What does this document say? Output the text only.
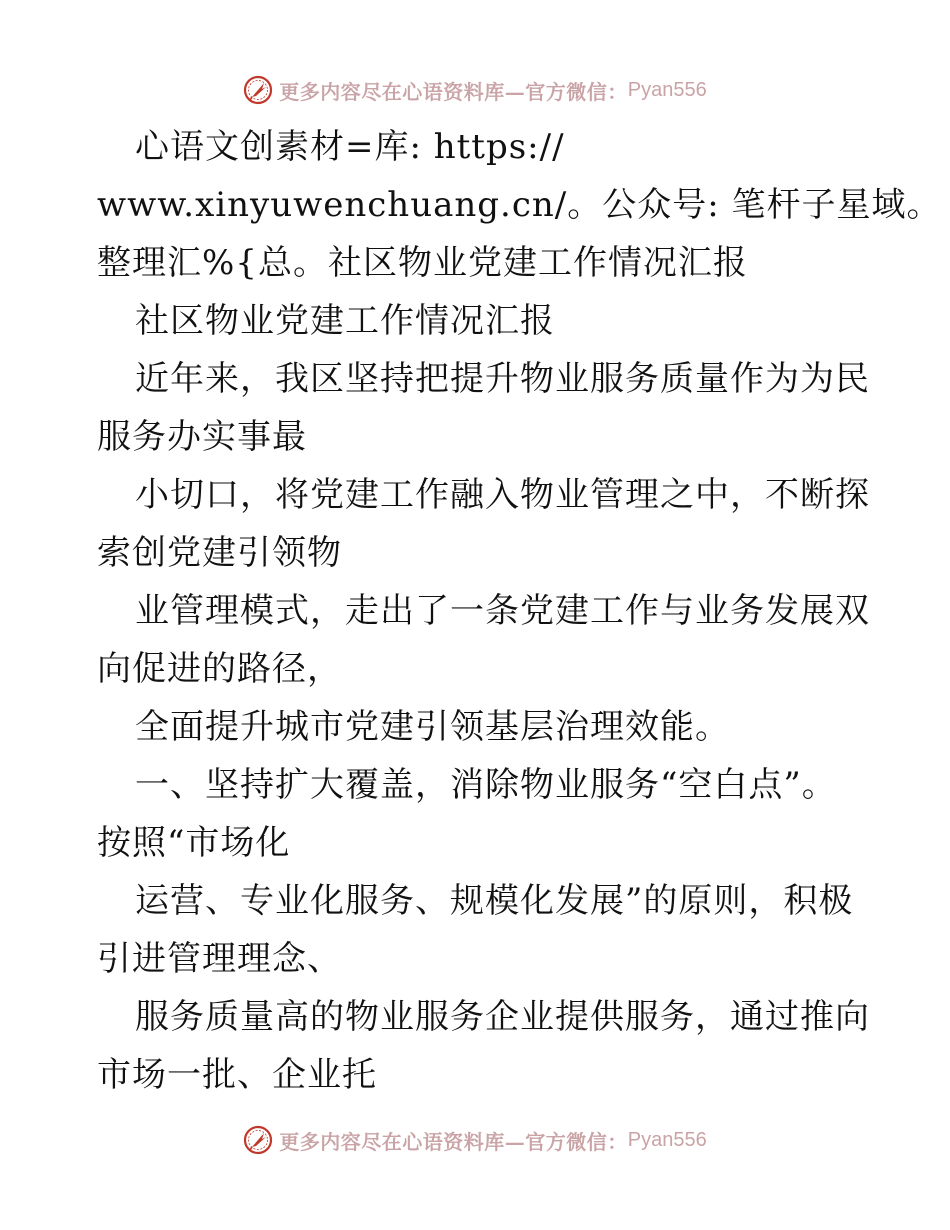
更多内容尽在心语资料库—官方微信： Pyan556
心语文创素材=库: https://
www.xinyuwenchuang.cn/。公众号: 笔杆子星域。
整理汇%{总。社区物业党建工作情况汇报
社区物业党建工作情况汇报
近年来，我区坚持把提升物业服务质量作为为民
服务办实事最
小切口，将党建工作融入物业管理之中，不断探
索创党建引领物
业管理模式，走出了一条党建工作与业务发展双
向促进的路径，
全面提升城市党建引领基层治理效能。
一、坚持扩大覆盖，消除物业服务“空白点”。
按照“市场化
运营、专业化服务、规模化发展”的原则，积极
引进管理理念、
服务质量高的物业服务企业提供服务，通过推向
市场一批、企业托
更多内容尽在心语资料库—官方微信： Pyan556
